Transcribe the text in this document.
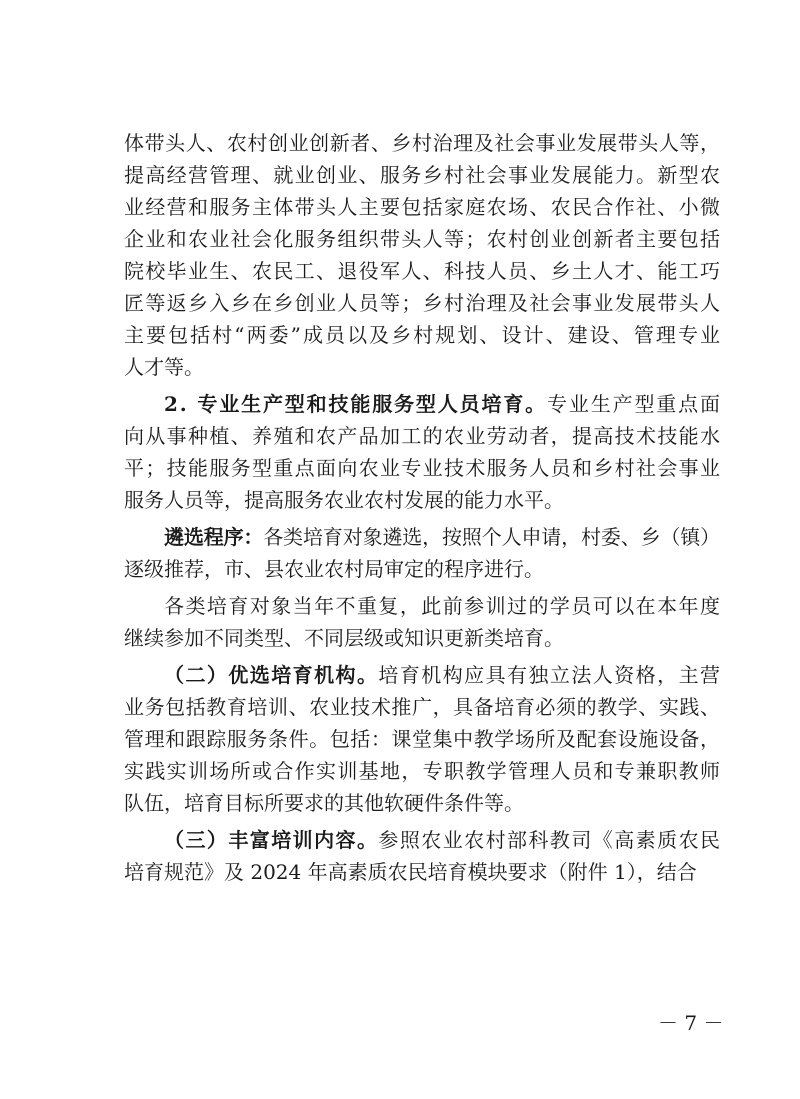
体带头人、农村创业创新者、乡村治理及社会事业发展带头人等，
提高经营管理、就业创业、服务乡村社会事业发展能力。新型农
业经营和服务主体带头人主要包括家庭农场、农民合作社、小微
企业和农业社会化服务组织带头人等；农村创业创新者主要包括
院校毕业生、农民工、退役军人、科技人员、乡土人才、能工巧
匠等返乡入乡在乡创业人员等；乡村治理及社会事业发展带头人
主要包括村“两委”成员以及乡村规划、设计、建设、管理专业
人才等。
2. 专业生产型和技能服务型人员培育。专业生产型重点面
向从事种植、养殖和农产品加工的农业劳动者，提高技术技能水
平；技能服务型重点面向农业专业技术服务人员和乡村社会事业
服务人员等，提高服务农业农村发展的能力水平。
遴选程序：各类培育对象遴选，按照个人申请，村委、乡（镇）
逐级推荐，市、县农业农村局审定的程序进行。
各类培育对象当年不重复，此前参训过的学员可以在本年度
继续参加不同类型、不同层级或知识更新类培育。
（二）优选培育机构。培育机构应具有独立法人资格，主营
业务包括教育培训、农业技术推广，具备培育必须的教学、实践、
管理和跟踪服务条件。包括：课堂集中教学场所及配套设施设备，
实践实训场所或合作实训基地，专职教学管理人员和专兼职教师
队伍，培育目标所要求的其他软硬件条件等。
（三）丰富培训内容。参照农业农村部科教司《高素质农民
培育规范》及 2024 年高素质农民培育模块要求（附件 1），结合
－ 7 －
